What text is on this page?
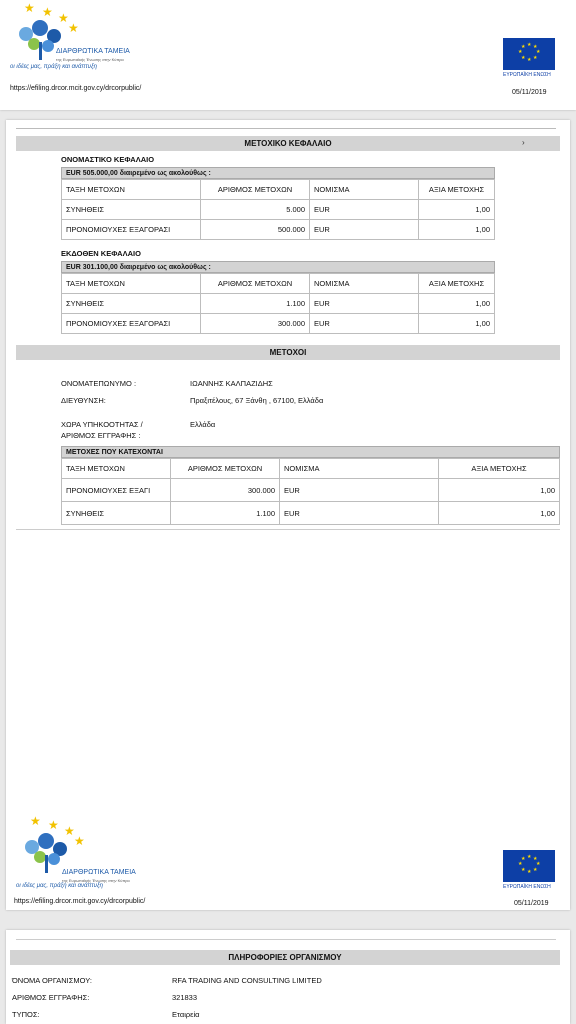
★ ★ ★
★
ΔΙΑΡΘΡΩΤΙΚΑ ΤΑΜΕΙΑ
της Ευρωπαϊκής Ένωσης στην Κύπρο
οι ιδέες μας, πράξη και ανάπτυξη
★ ★
★
★
★
★
★
★
ΕΥΡΩΠΑΪΚΗ ΕΝΩΣΗ
https://efiling.drcor.mcit.gov.cy/drcorpublic/
05/11/2019
ΜΕΤΟΧΙΚΟ ΚΕΦΑΛΑΙΟ	›
ΟΝΟΜΑΣΤΙΚΟ ΚΕΦΑΛΑΙΟ
EUR 505.000,00 διαιρεμένο ως ακολούθως :
ΤΑΞΗ ΜΕΤΟΧΩΝ	ΑΡΙΘΜΟΣ ΜΕΤΟΧΩΝ	ΝΟΜΙΣΜΑ	ΑΞΙΑ ΜΕΤΟΧΗΣ
ΣΥΝΗΘΕΙΣ	5.000	EUR	1,00
ΠΡΟΝΟΜΙΟΥΧΕΣ ΕΞΑΓΟΡΑΣΙ	500.000	EUR	1,00
ΕΚΔΟΘΕΝ ΚΕΦΑΛΑΙΟ
EUR 301.100,00 διαιρεμένο ως ακολούθως :
ΤΑΞΗ ΜΕΤΟΧΩΝ	ΑΡΙΘΜΟΣ ΜΕΤΟΧΩΝ	ΝΟΜΙΣΜΑ	ΑΞΙΑ ΜΕΤΟΧΗΣ
ΣΥΝΗΘΕΙΣ	1.100	EUR	1,00
ΠΡΟΝΟΜΙΟΥΧΕΣ ΕΞΑΓΟΡΑΣΙ	300.000	EUR	1,00
ΜΕΤΟΧΟΙ
ΟΝΟΜΑΤΕΠΩΝΥΜΟ :	ΙΩΑΝΝΗΣ ΚΑΛΠΑΖΙΔΗΣ
ΔΙΕΥΘΥΝΣΗ:	Πραξιτέλους, 67 Ξάνθη , 67100, Ελλάδα
ΧΩΡΑ ΥΠΗΚΟΟΤΗΤΑΣ /
ΑΡΙΘΜΟΣ ΕΓΓΡΑΦΗΣ :
Ελλάδα
ΜΕΤΟΧΕΣ ΠΟΥ ΚΑΤΕΧΟΝΤΑΙ
ΤΑΞΗ ΜΕΤΟΧΩΝ	ΑΡΙΘΜΟΣ ΜΕΤΟΧΩΝ	ΝΟΜΙΣΜΑ	ΑΞΙΑ ΜΕΤΟΧΗΣ
ΠΡΟΝΟΜΙΟΥΧΕΣ ΕΞΑΓΙ	300.000	EUR	1,00
ΣΥΝΗΘΕΙΣ	1.100	EUR	1,00
★ ★ ★
★
ΔΙΑΡΘΡΩΤΙΚΑ ΤΑΜΕΙΑ
της Ευρωπαϊκής Ένωσης στην Κύπρο
οι ιδέες μας, πράξη και ανάπτυξη
★ ★
★
★
★
★
★
★
ΕΥΡΩΠΑΪΚΗ ΕΝΩΣΗ
https://efiling.drcor.mcit.gov.cy/drcorpublic/	05/11/2019
ΠΛΗΡΟΦΟΡΙΕΣ ΟΡΓΑΝΙΣΜΟΥ
ΌΝΟΜΑ ΟΡΓΑΝΙΣΜΟΥ:	RFA TRADING AND CONSULTING LIMITED
ΑΡΙΘΜΟΣ ΕΓΓΡΑΦΗΣ:	321833
ΤΥΠΟΣ:	Εταιρεία
